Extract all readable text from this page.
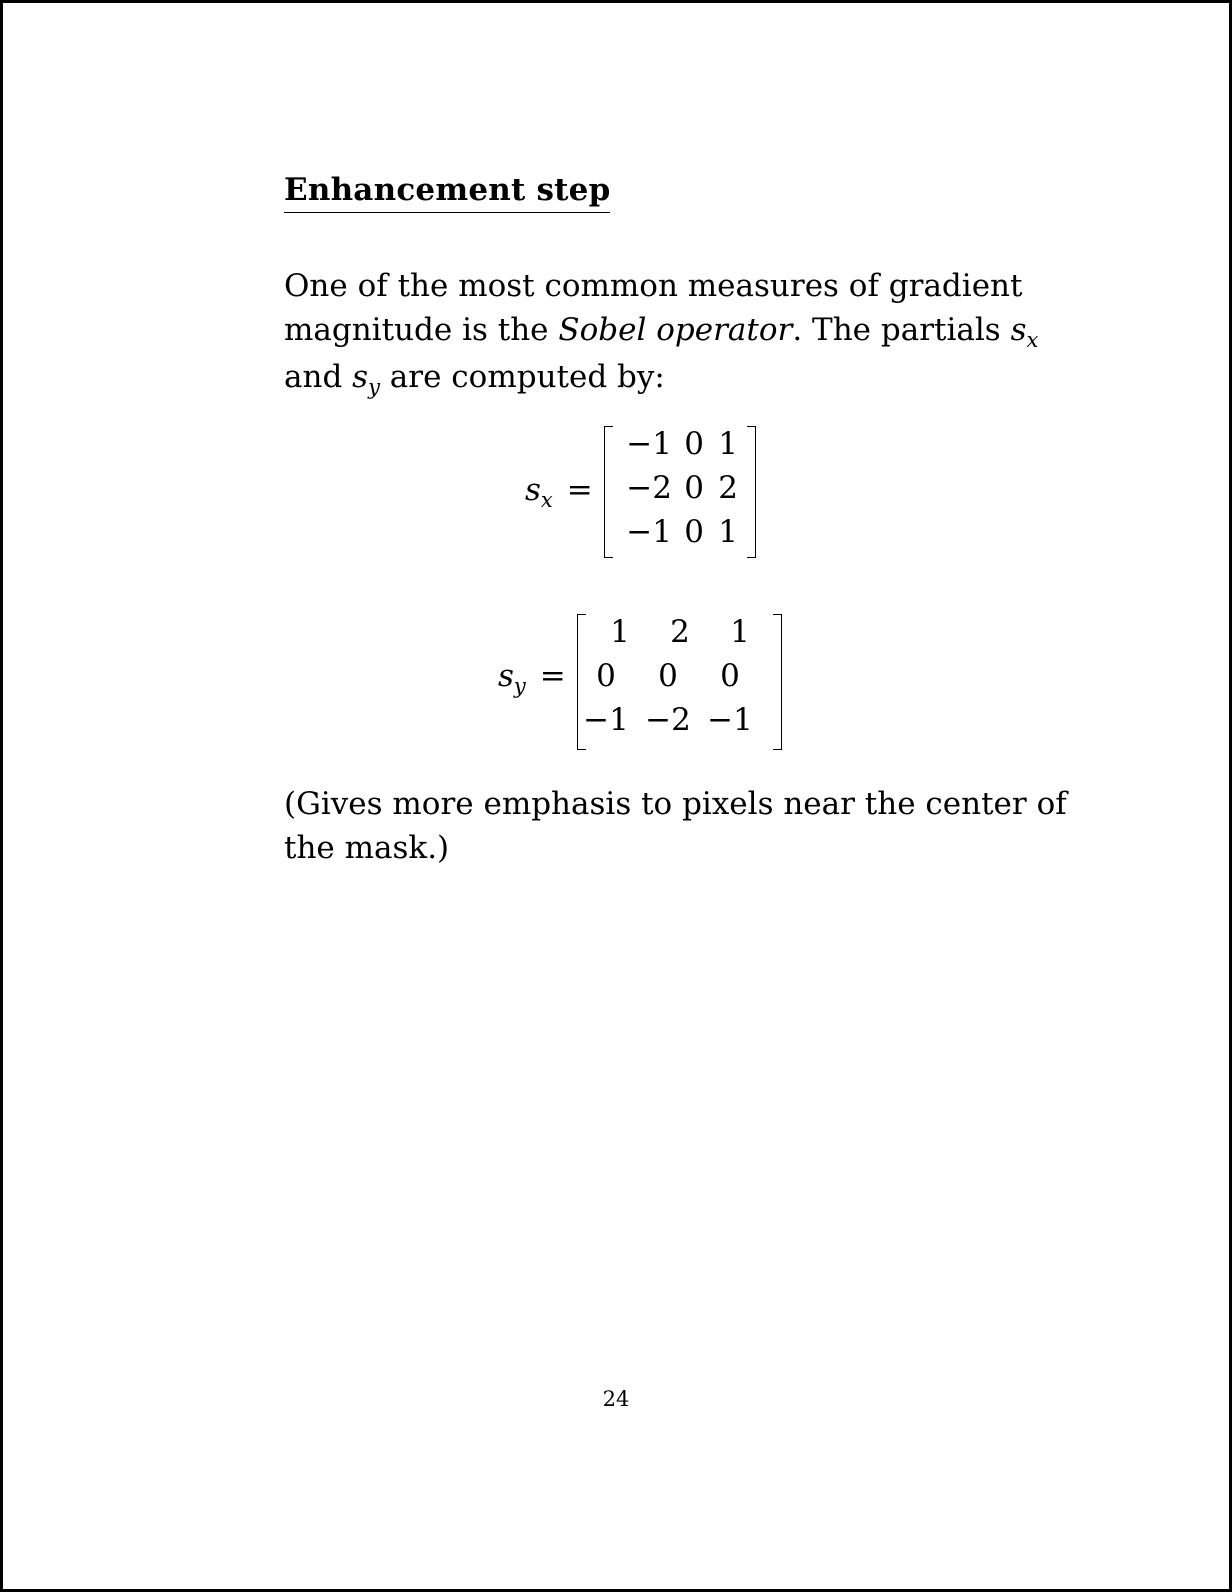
Enhancement step
One of the most common measures of gradient
magnitude is the Sobel operator. The partials $s_x$
and $s_y$ are computed by:
$s_x$ =
−1 0 1
−2 0 2
−1 0 1
$s_y$ =
1	2	1
0	0	0
−1 −2 −1
(Gives more emphasis to pixels near the center of
the mask.)
24
